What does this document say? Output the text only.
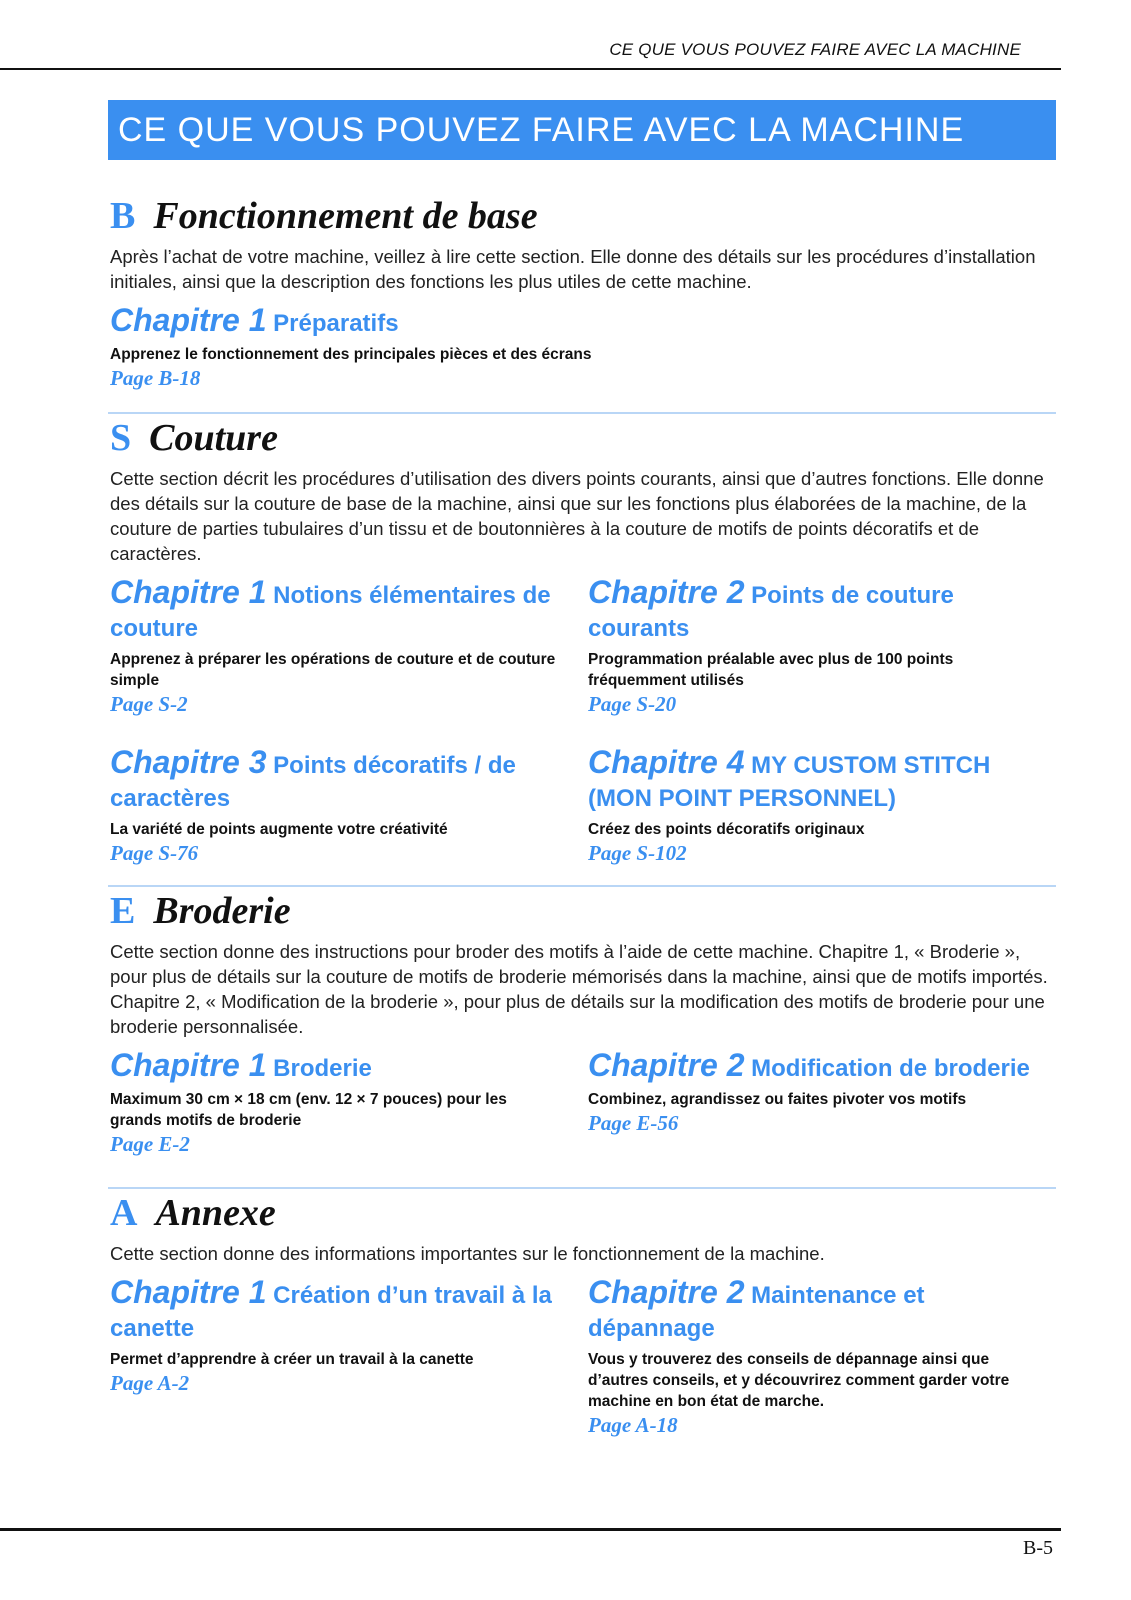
CE QUE VOUS POUVEZ FAIRE AVEC LA MACHINE
CE QUE VOUS POUVEZ FAIRE AVEC LA MACHINE
B Fonctionnement de base

Après l’achat de votre machine, veillez à lire cette section. Elle donne des détails sur les procédures d’installation initiales, ainsi que la description des fonctions les plus utiles de cette machine.

Chapitre 1 Préparatifs
Apprenez le fonctionnement des principales pièces et des écrans
Page B-18
S Couture

Cette section décrit les procédures d’utilisation des divers points courants, ainsi que d’autres fonctions. Elle donne des détails sur la couture de base de la machine, ainsi que sur les fonctions plus élaborées de la machine, de la couture de parties tubulaires d’un tissu et de boutonnières à la couture de motifs de points décoratifs et de caractères.

Chapitre 1 Notions élémentaires de couture
Apprenez à préparer les opérations de couture et de couture simple
Page S-2
Chapitre 2 Points de couture courants
Programmation préalable avec plus de 100 points fréquemment utilisés
Page S-20
Chapitre 3 Points décoratifs / de caractères
La variété de points augmente votre créativité
Page S-76
Chapitre 4 MY CUSTOM STITCH (MON POINT PERSONNEL)
Créez des points décoratifs originaux
Page S-102
E Broderie

Cette section donne des instructions pour broder des motifs à l’aide de cette machine. Chapitre 1, « Broderie », pour plus de détails sur la couture de motifs de broderie mémorisés dans la machine, ainsi que de motifs importés. Chapitre 2, « Modification de la broderie », pour plus de détails sur la modification des motifs de broderie pour une broderie personnalisée.

Chapitre 1 Broderie
Maximum 30 cm × 18 cm (env. 12 × 7 pouces) pour les grands motifs de broderie
Page E-2
Chapitre 2 Modification de broderie
Combinez, agrandissez ou faites pivoter vos motifs
Page E-56
A Annexe

Cette section donne des informations importantes sur le fonctionnement de la machine.

Chapitre 1 Création d’un travail à la canette
Permet d’apprendre à créer un travail à la canette
Page A-2
Chapitre 2 Maintenance et dépannage
Vous y trouverez des conseils de dépannage ainsi que d’autres conseils, et y découvrirez comment garder votre machine en bon état de marche.
Page A-18
B-5
